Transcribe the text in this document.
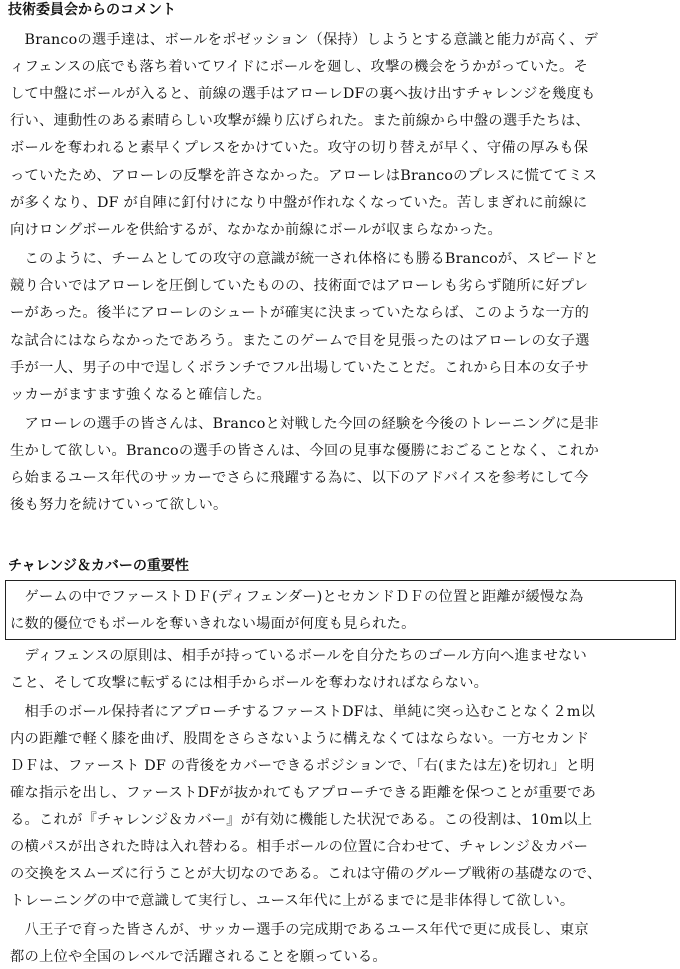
技術委員会からのコメント
　Brancoの選手達は、ボールをポゼッション（保持）しようとする意識と能力が高く、デ
ィフェンスの底でも落ち着いてワイドにボールを廻し、攻撃の機会をうかがっていた。そ
して中盤にボールが入ると、前線の選手はアローレDFの裏へ抜け出すチャレンジを幾度も
行い、連動性のある素晴らしい攻撃が繰り広げられた。また前線から中盤の選手たちは、
ボールを奪われると素早くプレスをかけていた。攻守の切り替えが早く、守備の厚みも保
っていたため、アローレの反撃を許さなかった。アローレはBrancoのプレスに慌ててミス
が多くなり、DF が自陣に釘付けになり中盤が作れなくなっていた。苦しまぎれに前線に
向けロングボールを供給するが、なかなか前線にボールが収まらなかった。
　このように、チームとしての攻守の意識が統一され体格にも勝るBrancoが、スピードと
競り合いではアローレを圧倒していたものの、技術面ではアローレも劣らず随所に好プレ
ーがあった。後半にアローレのシュートが確実に決まっていたならば、このような一方的
な試合にはならなかったであろう。またこのゲームで目を見張ったのはアローレの女子選
手が一人、男子の中で逞しくボランチでフル出場していたことだ。これから日本の女子サ
ッカーがますます強くなると確信した。
　アローレの選手の皆さんは、Brancoと対戦した今回の経験を今後のトレーニングに是非
生かして欲しい。Brancoの選手の皆さんは、今回の見事な優勝におごることなく、これか
ら始まるユース年代のサッカーでさらに飛躍する為に、以下のアドバイスを参考にして今
後も努力を続けていって欲しい。
チャレンジ＆カバーの重要性
　ゲームの中でファーストＤＦ(ディフェンダー)とセカンドＤＦの位置と距離が緩慢な為
に数的優位でもボールを奪いきれない場面が何度も見られた。
　ディフェンスの原則は、相手が持っているボールを自分たちのゴール方向へ進ませない
こと、そして攻撃に転ずるには相手からボールを奪わなければならない。
　相手のボール保持者にアプローチするファーストDFは、単純に突っ込むことなく２m以
内の距離で軽く膝を曲げ、股間をさらさないように構えなくてはならない。一方セカンド
ＤＦは、ファースト DF の背後をカバーできるポジションで、「右(または左)を切れ」と明
確な指示を出し、ファーストDFが抜かれてもアプローチできる距離を保つことが重要であ
る。これが『チャレンジ＆カバー』が有効に機能した状況である。この役割は、10m以上
の横パスが出された時は入れ替わる。相手ボールの位置に合わせて、チャレンジ＆カバー
の交換をスムーズに行うことが大切なのである。これは守備のグループ戦術の基礎なので、
トレーニングの中で意識して実行し、ユース年代に上がるまでに是非体得して欲しい。
　八王子で育った皆さんが、サッカー選手の完成期であるユース年代で更に成長し、東京
都の上位や全国のレベルで活躍されることを願っている。
